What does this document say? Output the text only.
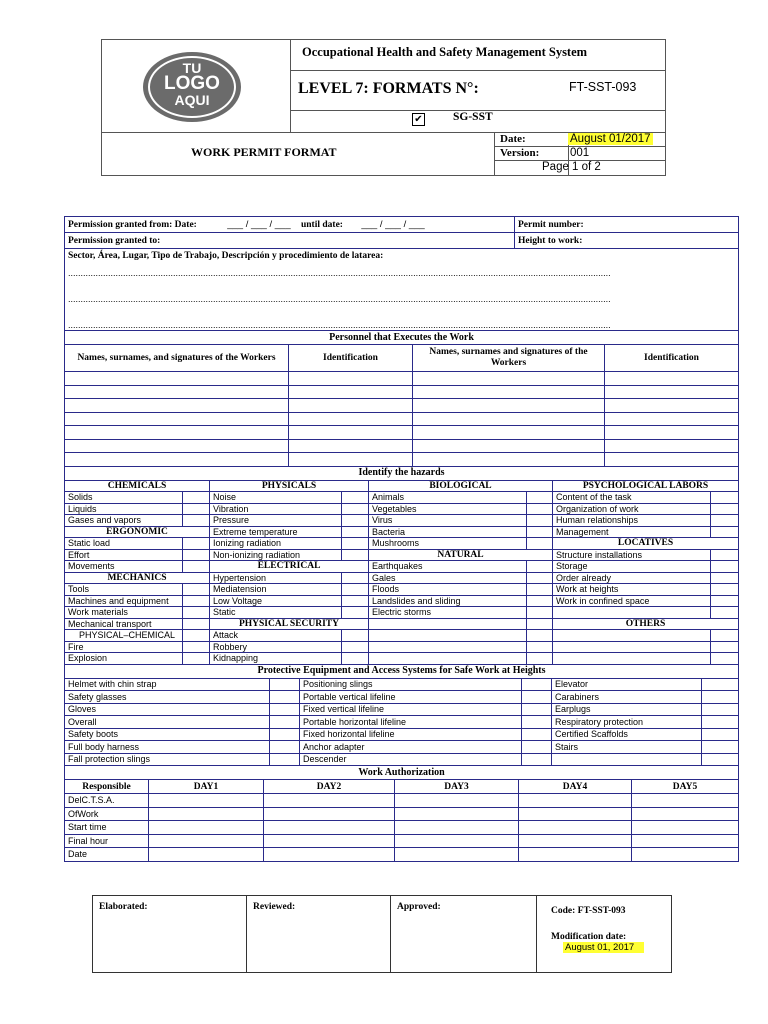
TU
LOGO
AQUI
Occupational Health and Safety Management System
LEVEL 7: FORMATS N°:	FT-SST-093
✔	SG-SST
WORK PERMIT FORMAT
Date:	August 01/2017
Version:	001
Page 1 of 2
Permission granted from: Date: ___ / ___ / ___ until date: ___ / ___ / ___	Permit number:
Permission granted to:	Height to work:

Sector, Área, Lugar, Tipo de Trabajo, Descripción y procedimiento de latarea:
.........................................................................................................................................................................................................................
.........................................................................................................................................................................................................................
.........................................................................................................................................................................................................................	
Personnel that Executes the Work			
Names, surnames, and signatures of the Workers	Identification	Names, surnames and signatures of the Workers	Identification

Identify the hazards							
CHEMICALS		PHYSICALS		BIOLOGICAL		PSYCHOLOGICAL LABORS	
Solids		Noise		Animals		Content of the task	
Liquids		Vibration		Vegetables		Organization of work	
Gases and vapors		Pressure		Virus		Human relationships	
ERGONOMIC		Extreme temperature		Bacteria		Management	
Static load		Ionizing radiation		Mushrooms		LOCATIVES	
Effort		Non-ionizing radiation		NATURAL		Structure installations	
Movements		ELECTRICAL		Earthquakes		Storage	
MECHANICS		Hypertension		Gales		Order already	
Tools		Mediatension		Floods		Work at heights	
Machines and equipment		Low Voltage		Landslides and sliding		Work in confined space	
Work materials		Static		Electric storms			
Mechanical transport		PHYSICAL SECURITY				OTHERS	
PHYSICAL–CHEMICAL		Attack					
Fire		Robbery					
Explosion		Kidnapping					
Protective Equipment and Access Systems for Safe Work at Heights					
Helmet with chin strap		Positioning slings		Elevator	
Safety glasses		Portable vertical lifeline		Carabiners	
Gloves		Fixed vertical lifeline		Earplugs	
Overall		Portable horizontal lifeline		Respiratory protection	
Safety boots		Fixed horizontal lifeline		Certified Scaffolds	
Full body harness		Anchor adapter		Stairs	
Fall protection slings		Descender			
Work Authorization					
Responsible	DAY1	DAY2	DAY3	DAY4	DAY5
DelC.T.S.A.					
OfWork					
Start time					
Final hour					
Date					
Elaborated:	Reviewed:	Approved:	Code: FT-SST-093
Modification date:
August 01, 2017
